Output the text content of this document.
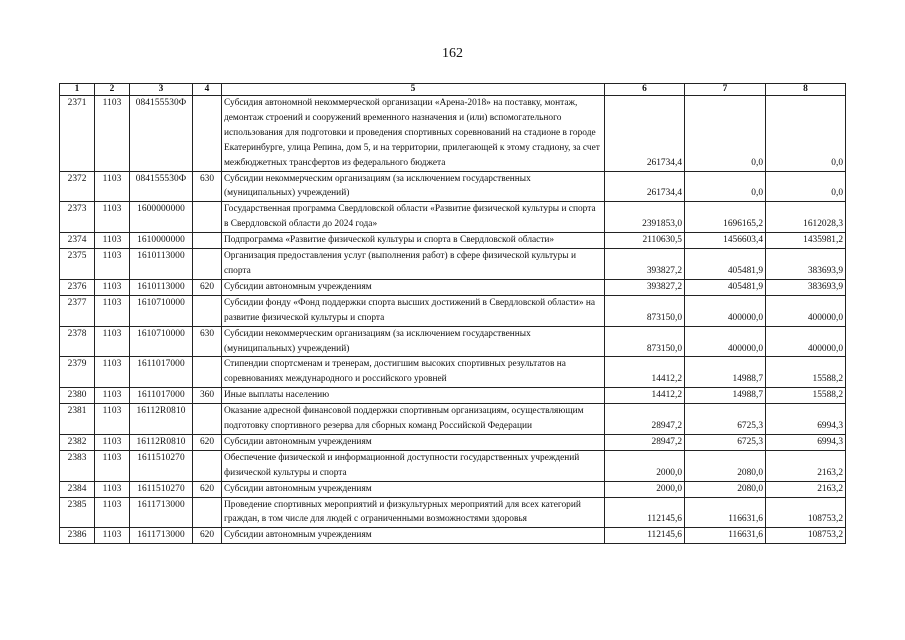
162
1	2	3	4	5	6	7	8
2371	1103	084155530Ф		Субсидия автономной некоммерческой организации «Арена-2018» на поставку, монтаж, демонтаж строений и сооружений временного назначения и (или) вспомогательного использования для подготовки и проведения спортивных соревнований на стадионе в городе Екатеринбурге, улица Репина, дом 5, и на территории, прилегающей к этому стадиону, за счет межбюджетных трансфертов из федерального бюджета	261734,4	0,0	0,0
2372	1103	084155530Ф	630	Субсидии некоммерческим организациям (за исключением государственных (муниципальных) учреждений)	261734,4	0,0	0,0
2373	1103	1600000000		Государственная программа Свердловской области «Развитие физической культуры и спорта в Свердловской области до 2024 года»	2391853,0	1696165,2	1612028,3
2374	1103	1610000000		Подпрограмма «Развитие физической культуры и спорта в Свердловской области»	2110630,5	1456603,4	1435981,2
2375	1103	1610113000		Организация предоставления услуг (выполнения работ) в сфере физической культуры и спорта	393827,2	405481,9	383693,9
2376	1103	1610113000	620	Субсидии автономным учреждениям	393827,2	405481,9	383693,9
2377	1103	1610710000		Субсидии фонду «Фонд поддержки спорта высших достижений в Свердловской области» на развитие физической культуры и спорта	873150,0	400000,0	400000,0
2378	1103	1610710000	630	Субсидии некоммерческим организациям (за исключением государственных (муниципальных) учреждений)	873150,0	400000,0	400000,0
2379	1103	1611017000		Стипендии спортсменам и тренерам, достигшим высоких спортивных результатов на соревнованиях международного и российского уровней	14412,2	14988,7	15588,2
2380	1103	1611017000	360	Иные выплаты населению	14412,2	14988,7	15588,2
2381	1103	16112R0810		Оказание адресной финансовой поддержки спортивным организациям, осуществляющим подготовку спортивного резерва для сборных команд Российской Федерации	28947,2	6725,3	6994,3
2382	1103	16112R0810	620	Субсидии автономным учреждениям	28947,2	6725,3	6994,3
2383	1103	1611510270		Обеспечение физической и информационной доступности государственных учреждений физической культуры и спорта	2000,0	2080,0	2163,2
2384	1103	1611510270	620	Субсидии автономным учреждениям	2000,0	2080,0	2163,2
2385	1103	1611713000		Проведение спортивных мероприятий и физкультурных мероприятий для всех категорий граждан, в том числе для людей с ограниченными возможностями здоровья	112145,6	116631,6	108753,2
2386	1103	1611713000	620	Субсидии автономным учреждениям	112145,6	116631,6	108753,2
